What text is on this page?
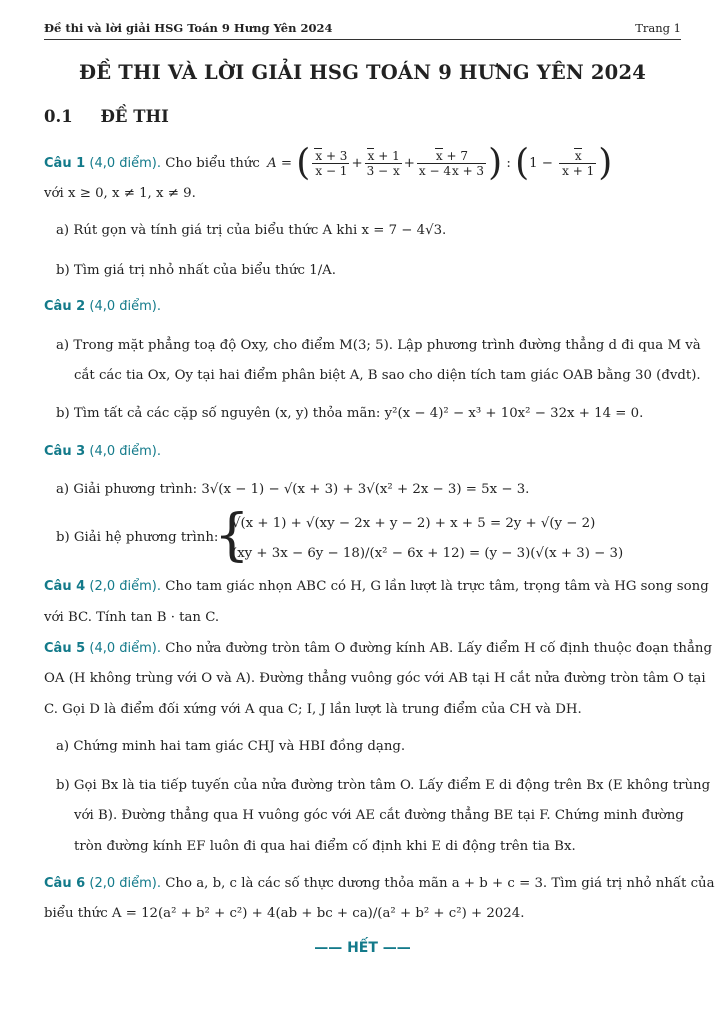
Đề thi và lời giải HSG Toán 9 Hưng Yên 2024	Trang 1
ĐỀ THI VÀ LỜI GIẢI HSG TOÁN 9 HƯNG YÊN 2024
0.1 ĐỀ THI
Câu 1 (4,0 điểm). Cho biểu thức A = ( $\frac{x + 3}{x - 1} + \frac{x + 1}{3 - x} + \frac{x + 7}{x - 4x + 3}$ ) : ($1 - \frac{x}{x + 1}$ )
với x ≥ 0, x ≠ 1, x ≠ 9.
a) Rút gọn và tính giá trị của biểu thức A khi x = 7 − 4√3.
b) Tìm giá trị nhỏ nhất của biểu thức 1/A.
Câu 2 (4,0 điểm).
a) Trong mặt phẳng toạ độ Oxy, cho điểm M(3; 5). Lập phương trình đường thẳng d đi qua M và
cắt các tia Ox, Oy tại hai điểm phân biệt A, B sao cho diện tích tam giác OAB bằng 30 (đvdt).
b) Tìm tất cả các cặp số nguyên (x, y) thỏa mãn: y²(x − 4)² − x³ + 10x² − 32x + 14 = 0.
Câu 3 (4,0 điểm).
a) Giải phương trình: 3√(x − 1) − √(x + 3) + 3√(x² + 2x − 3) = 5x − 3.
b) Giải hệ phương trình:
{
√(x + 1) + √(xy − 2x + y − 2) + x + 5 = 2y + √(y − 2)
(xy + 3x − 6y − 18)/(x² − 6x + 12) = (y − 3)(√(x + 3) − 3)
Câu 4 (2,0 điểm). Cho tam giác nhọn ABC có H, G lần lượt là trực tâm, trọng tâm và HG song song
với BC. Tính tan B · tan C.
Câu 5 (4,0 điểm). Cho nửa đường tròn tâm O đường kính AB. Lấy điểm H cố định thuộc đoạn thẳng
OA (H không trùng với O và A). Đường thẳng vuông góc với AB tại H cắt nửa đường tròn tâm O tại
C. Gọi D là điểm đối xứng với A qua C; I, J lần lượt là trung điểm của CH và DH.
a) Chứng minh hai tam giác CHJ và HBI đồng dạng.
b) Gọi Bx là tia tiếp tuyến của nửa đường tròn tâm O. Lấy điểm E di động trên Bx (E không trùng
với B). Đường thẳng qua H vuông góc với AE cắt đường thẳng BE tại F. Chứng minh đường
tròn đường kính EF luôn đi qua hai điểm cố định khi E di động trên tia Bx.
Câu 6 (2,0 điểm). Cho a, b, c là các số thực dương thỏa mãn a + b + c = 3. Tìm giá trị nhỏ nhất của
biểu thức A = 12(a² + b² + c²) + 4(ab + bc + ca)/(a² + b² + c²) + 2024.
—— HẾT ——
